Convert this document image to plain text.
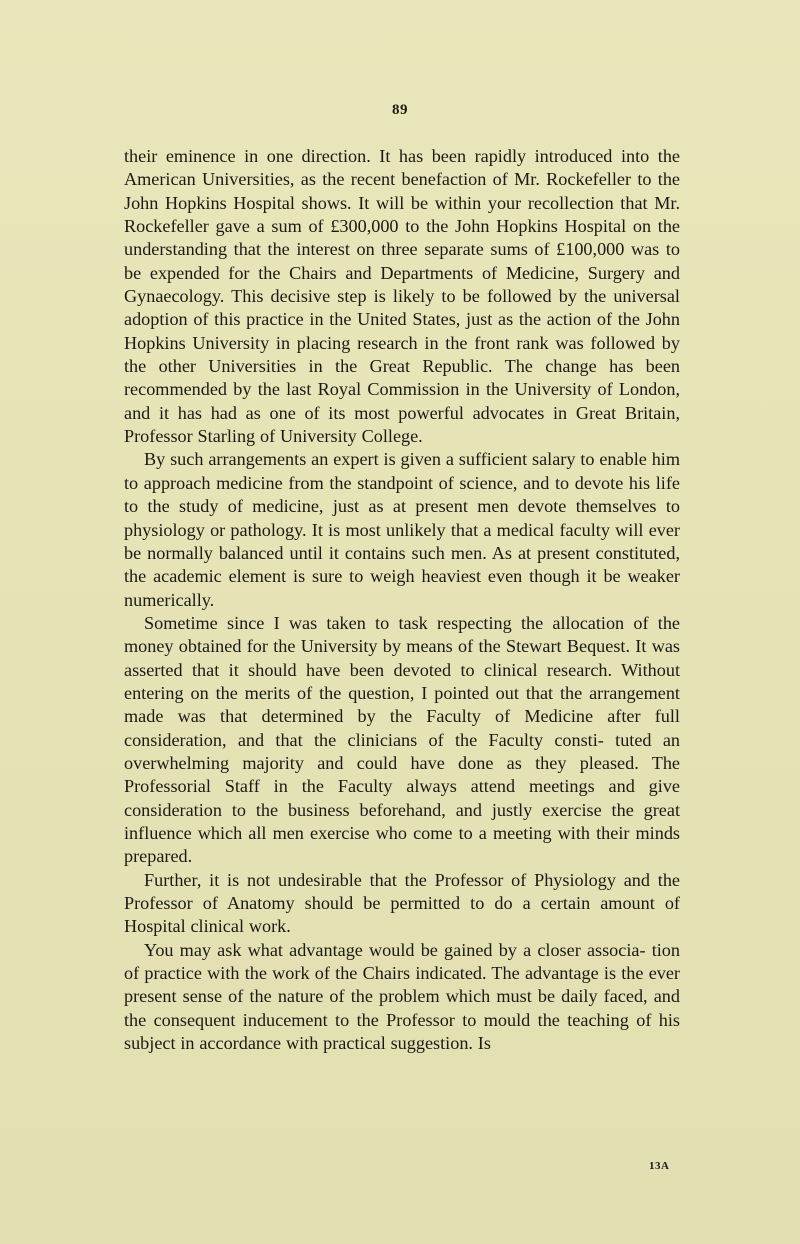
89

their eminence in one direction. It has been rapidly introduced into the American Universities, as the recent benefaction of Mr. Rockefeller to the John Hopkins Hospital shows. It will be within your recollection that Mr. Rockefeller gave a sum of £300,000 to the John Hopkins Hospital on the understanding that the interest on three separate sums of £100,000 was to be expended for the Chairs and Departments of Medicine, Surgery and Gynaecology. This decisive step is likely to be followed by the universal adoption of this practice in the United States, just as the action of the John Hopkins University in placing research in the front rank was followed by the other Universities in the Great Republic. The change has been recommended by the last Royal Commission in the University of London, and it has had as one of its most powerful advocates in Great Britain, Professor Starling of University College.

By such arrangements an expert is given a sufficient salary to enable him to approach medicine from the standpoint of science, and to devote his life to the study of medicine, just as at present men devote themselves to physiology or pathology. It is most unlikely that a medical faculty will ever be normally balanced until it contains such men. As at present constituted, the academic element is sure to weigh heaviest even though it be weaker numerically.

Sometime since I was taken to task respecting the allocation of the money obtained for the University by means of the Stewart Bequest. It was asserted that it should have been devoted to clinical research. Without entering on the merits of the question, I pointed out that the arrangement made was that determined by the Faculty of Medicine after full consideration, and that the clinicians of the Faculty consti- tuted an overwhelming majority and could have done as they pleased. The Professorial Staff in the Faculty always attend meetings and give consideration to the business beforehand, and justly exercise the great influence which all men exercise who come to a meeting with their minds prepared.

Further, it is not undesirable that the Professor of Physiology and the Professor of Anatomy should be permitted to do a certain amount of Hospital clinical work.

You may ask what advantage would be gained by a closer associa- tion of practice with the work of the Chairs indicated. The advantage is the ever present sense of the nature of the problem which must be daily faced, and the consequent inducement to the Professor to mould the teaching of his subject in accordance with practical suggestion. Is

13A
